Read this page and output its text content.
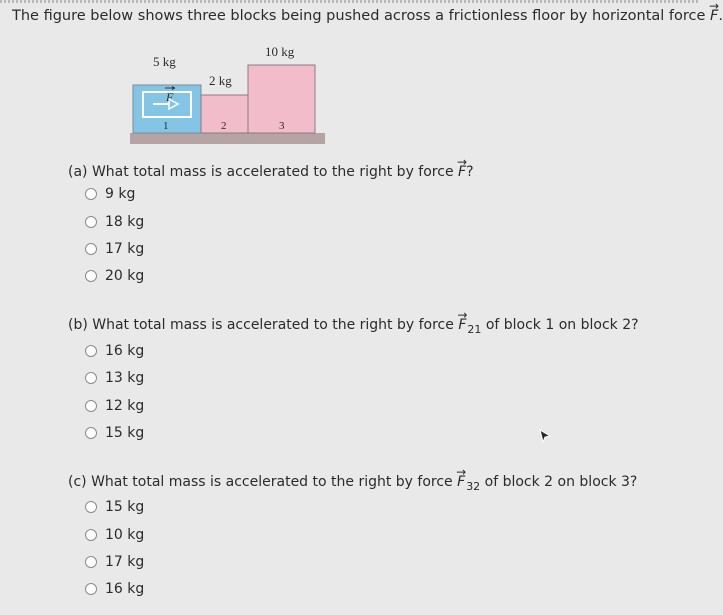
The figure below shows three blocks being pushed across a frictionless floor by horizontal force → F.
F
5 kg
2 kg
10 kg
1	2	3
(a) What total mass is accelerated to the right by force → F?
9 kg
18 kg
17 kg
20 kg
(b) What total mass is accelerated to the right by force → $F_{21}$ of block 1 on block 2?
16 kg
13 kg
12 kg
15 kg
(c) What total mass is accelerated to the right by force → $F_{32}$ of block 2 on block 3?
15 kg
10 kg
17 kg
16 kg
